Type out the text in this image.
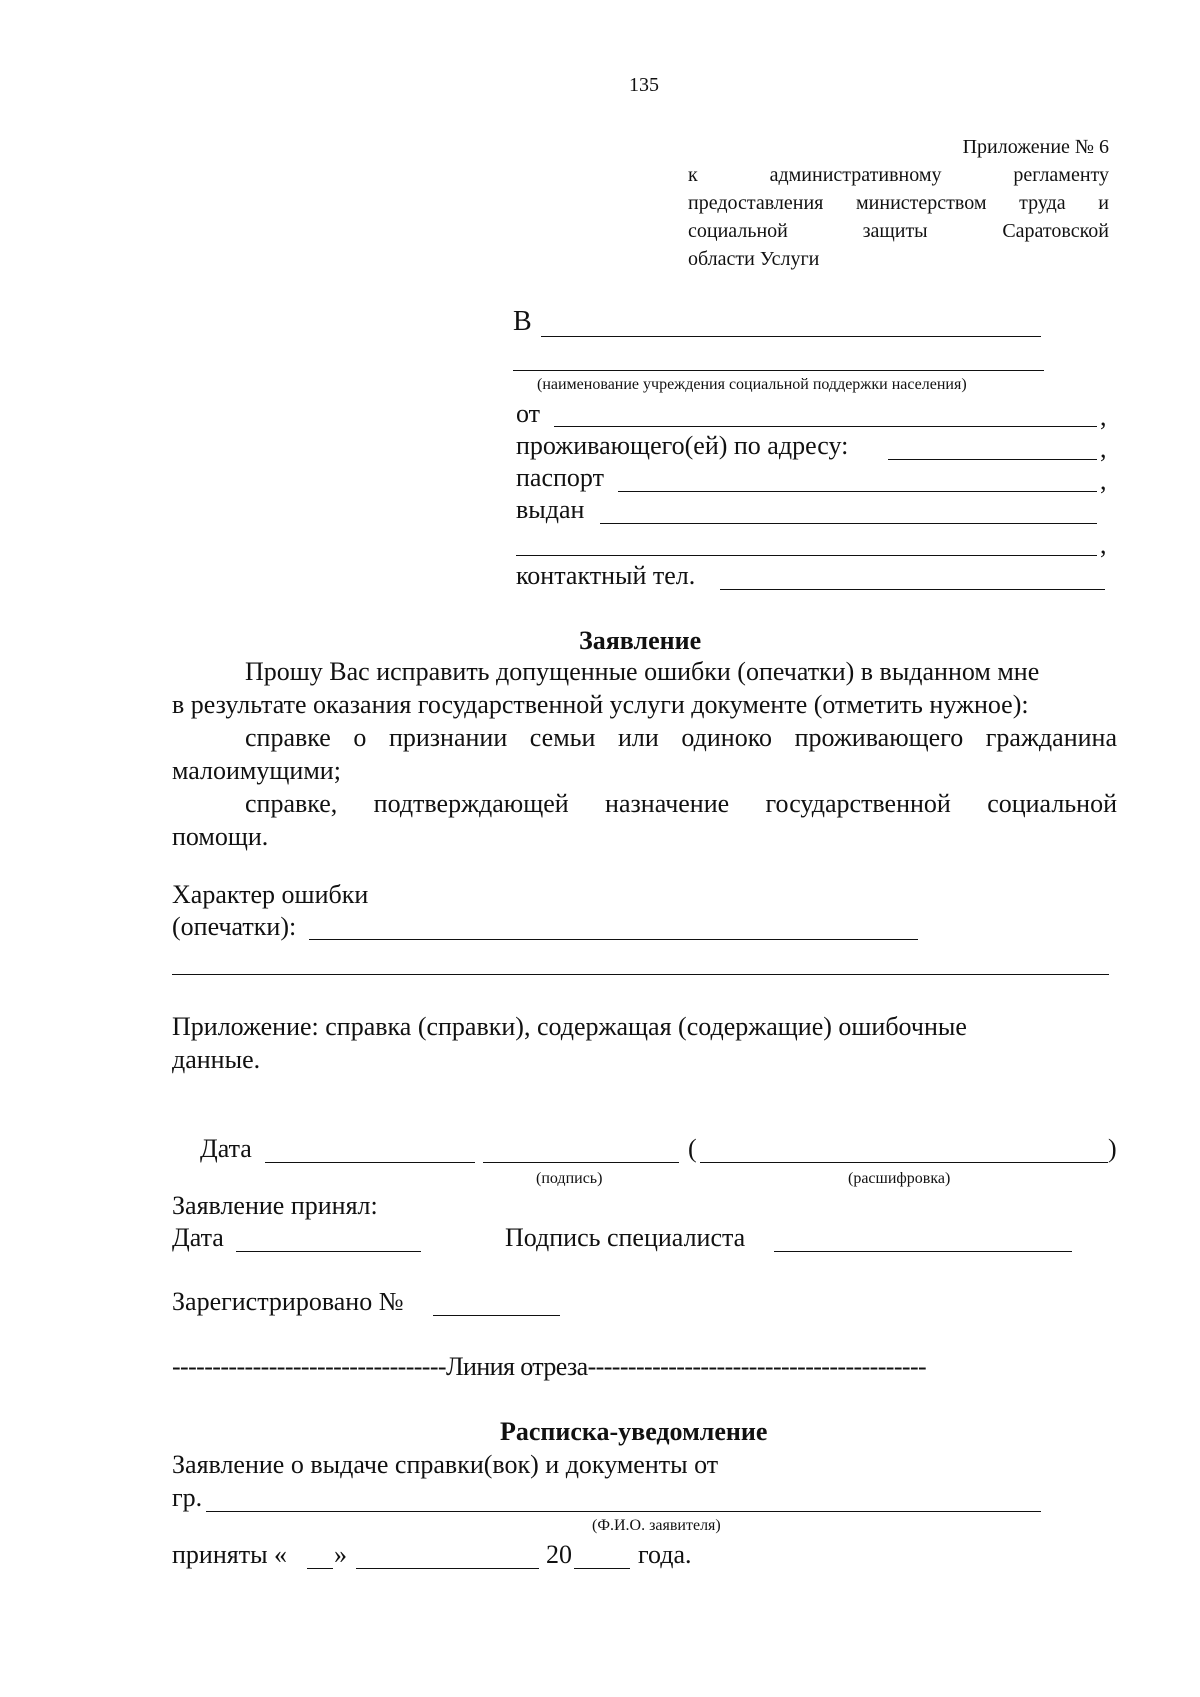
135
Приложение № 6
к	административному	регламенту
предоставления министерством труда и
социальной	защиты	Саратовской
области Услуги
В
(наименование учреждения социальной поддержки населения)
от	,
проживающего(ей) по адресу:	,
паспорт	,
выдан
,
контактный тел.
Заявление
Прошу Вас исправить допущенные ошибки (опечатки) в выданном мне
в результате оказания государственной услуги документе (отметить нужное):
справке о признании семьи или одиноко проживающего гражданина
малоимущими;
справке, подтверждающей назначение государственной социальной
помощи.
Характер ошибки
(опечатки):
Приложение: справка (справки), содержащая (содержащие) ошибочные
данные.
Дата	(	)
(подпись)	(расшифровка)
Заявление принял:
Дата	Подпись специалиста
Зарегистрировано №
----------------------------------Линия отреза------------------------------------------
Расписка-уведомление
Заявление о выдаче справки(вок) и документы от
гр.
(Ф.И.О. заявителя)
приняты « »	20	года.
